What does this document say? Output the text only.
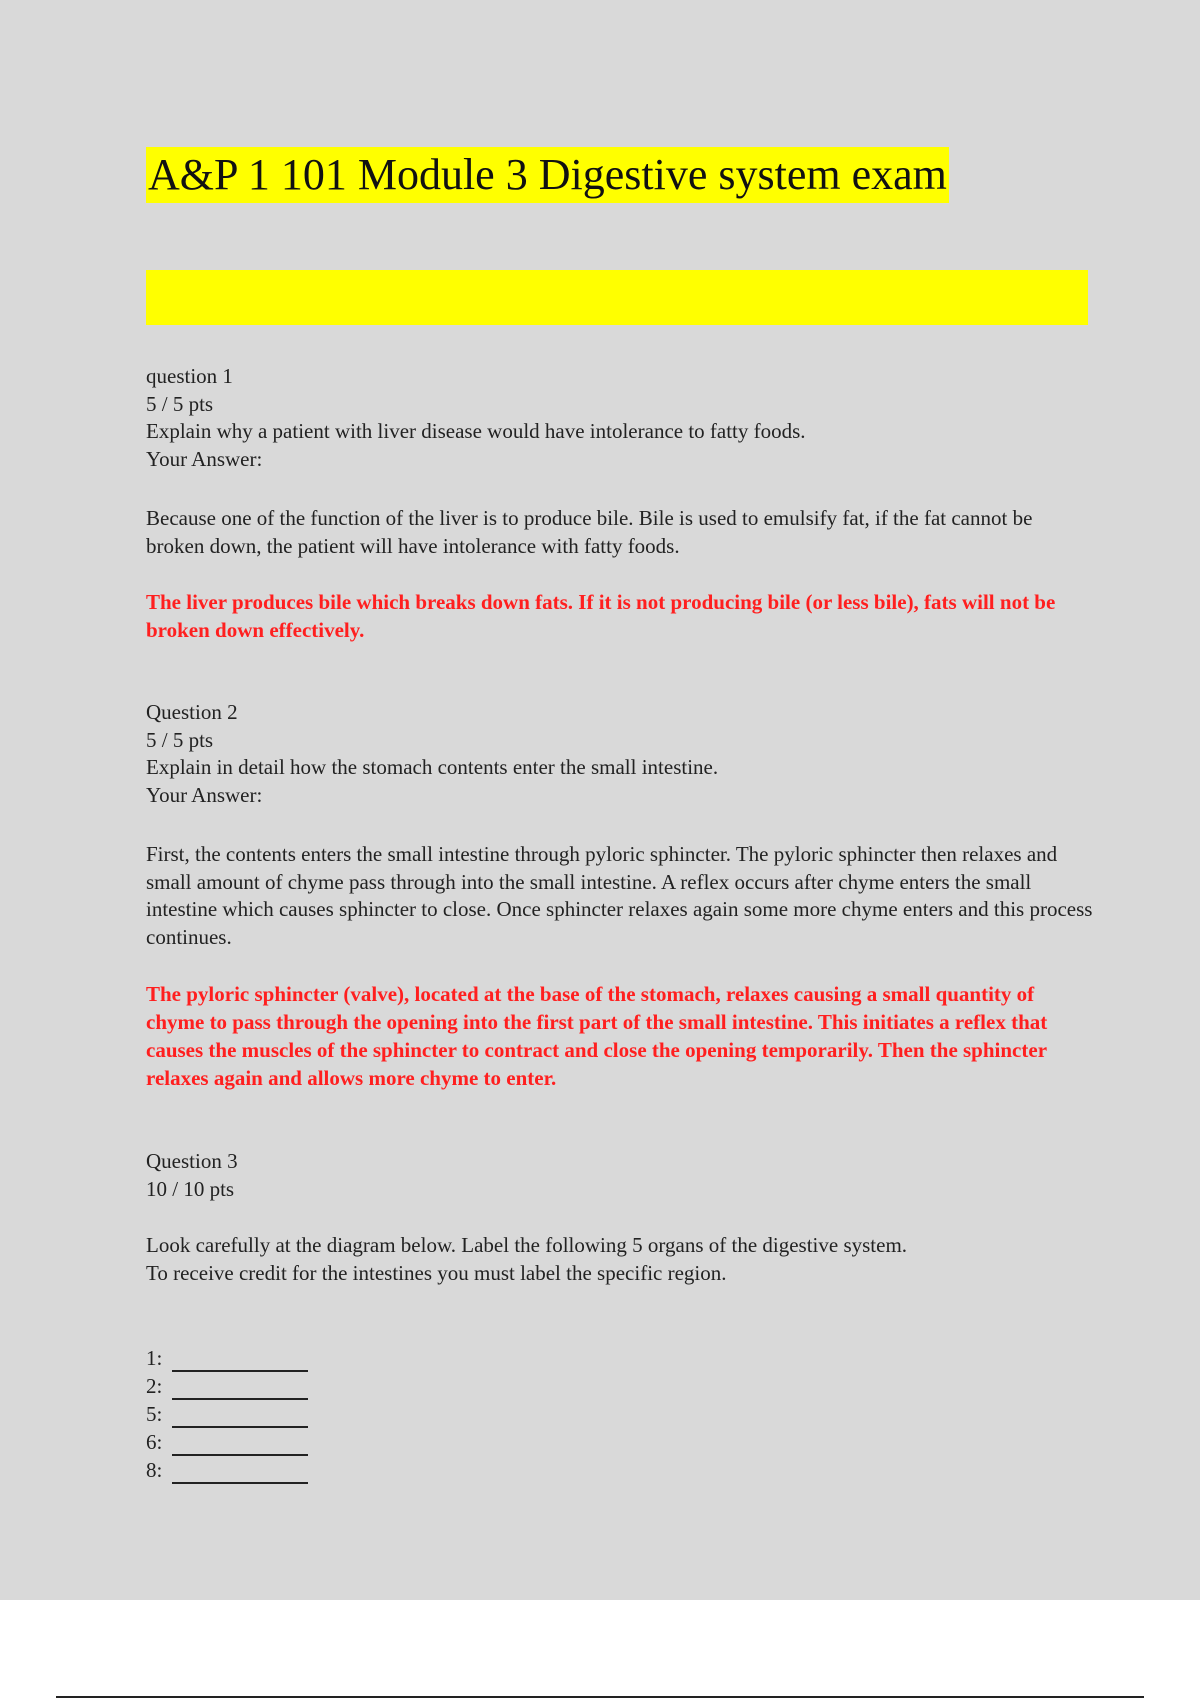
A&P 1 101 Module 3 Digestive system exam
question 1
5 / 5 pts
Explain why a patient with liver disease would have intolerance to fatty foods.
Your Answer:
Because one of the function of the liver is to produce bile. Bile is used to emulsify fat, if the fat cannot be broken down, the patient will have intolerance with fatty foods.
The liver produces bile which breaks down fats. If it is not producing bile (or less bile), fats will not be broken down effectively.
Question 2
5 / 5 pts
Explain in detail how the stomach contents enter the small intestine.
Your Answer:
First, the contents enters the small intestine through pyloric sphincter. The pyloric sphincter then relaxes and small amount of chyme pass through into the small intestine. A reflex occurs after chyme enters the small intestine which causes sphincter to close. Once sphincter relaxes again some more chyme enters and this process continues.
The pyloric sphincter (valve), located at the base of the stomach, relaxes causing a small quantity of chyme to pass through the opening into the first part of the small intestine. This initiates a reflex that causes the muscles of the sphincter to contract and close the opening temporarily. Then the sphincter relaxes again and allows more chyme to enter.
Question 3
10 / 10 pts
Look carefully at the diagram below. Label the following 5 organs of the digestive system.
To receive credit for the intestines you must label the specific region.
1:
2:
5:
6:
8:
